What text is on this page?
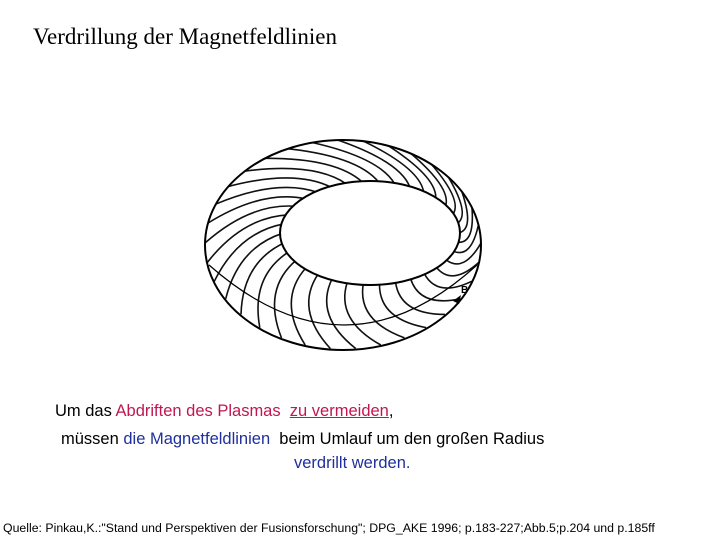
Verdrillung der Magnetfeldlinien
B
Um das Abdriften des Plasmas zu vermeiden,
müssen die Magnetfeldlinien  beim Umlauf um den großen Radius
verdrillt werden.
Quelle: Pinkau,K.:"Stand und Perspektiven der Fusionsforschung"; DPG_AKE 1996; p.183-227;Abb.5;p.204 und p.185ff
